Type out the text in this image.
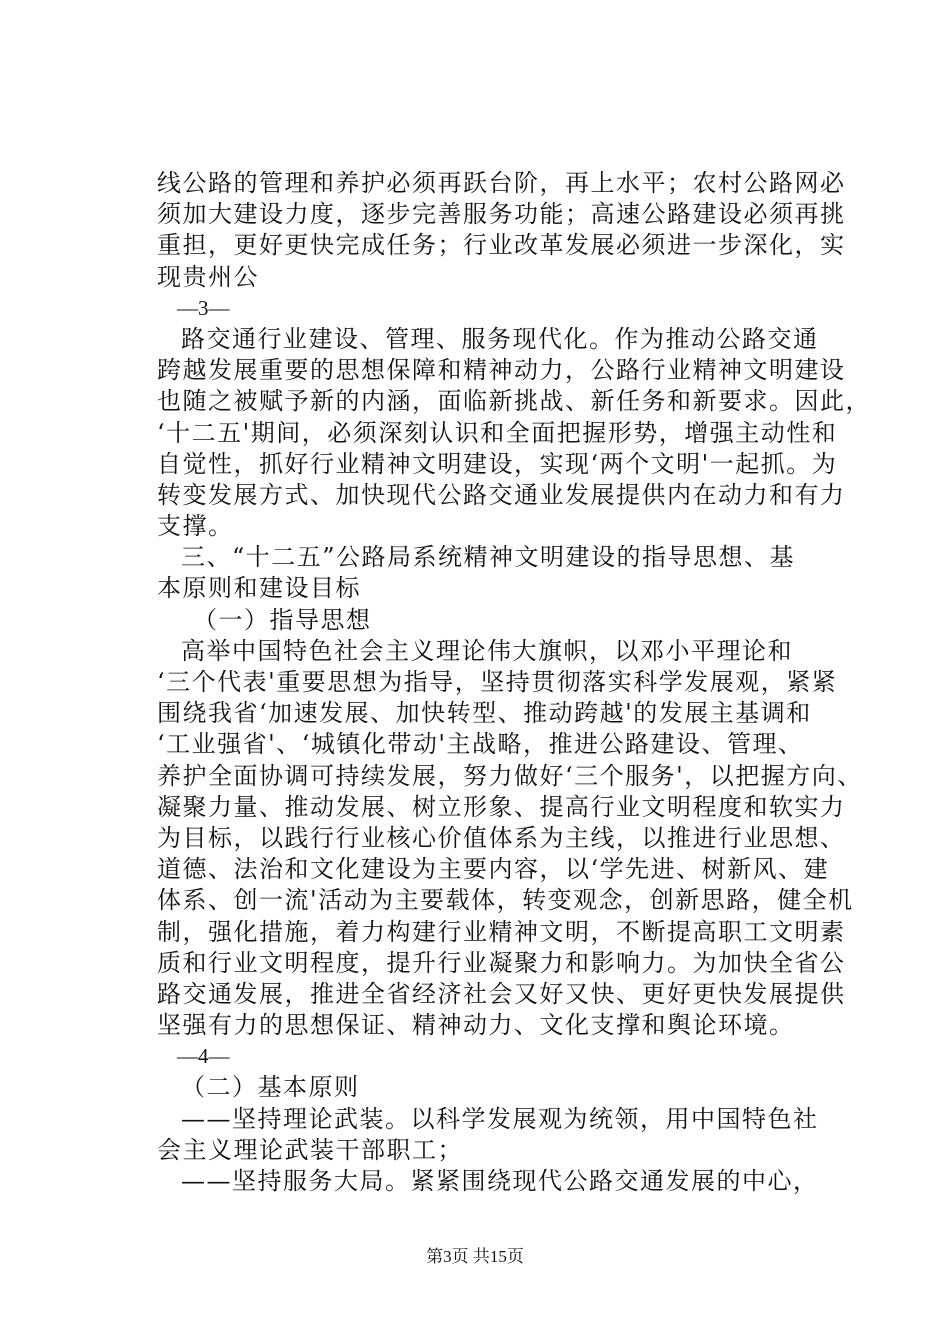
线公路的管理和养护必须再跃台阶，再上水平；农村公路网必
须加大建设力度，逐步完善服务功能；高速公路建设必须再挑
重担，更好更快完成任务；行业改革发展必须进一步深化，实
现贵州公
—3—
路交通行业建设、管理、服务现代化。作为推动公路交通
跨越发展重要的思想保障和精神动力，公路行业精神文明建设
也随之被赋予新的内涵，面临新挑战、新任务和新要求。因此，
‘十二五'期间，必须深刻认识和全面把握形势，增强主动性和
自觉性，抓好行业精神文明建设，实现‘两个文明'一起抓。为
转变发展方式、加快现代公路交通业发展提供内在动力和有力
支撑。
三、“十二五”公路局系统精神文明建设的指导思想、基
本原则和建设目标
（一）指导思想
高举中国特色社会主义理论伟大旗帜，以邓小平理论和
‘三个代表'重要思想为指导，坚持贯彻落实科学发展观，紧紧
围绕我省‘加速发展、加快转型、推动跨越'的发展主基调和
‘工业强省'、‘城镇化带动'主战略，推进公路建设、管理、
养护全面协调可持续发展，努力做好‘三个服务'，以把握方向、
凝聚力量、推动发展、树立形象、提高行业文明程度和软实力
为目标，以践行行业核心价值体系为主线，以推进行业思想、
道德、法治和文化建设为主要内容，以‘学先进、树新风、建
体系、创一流'活动为主要载体，转变观念，创新思路，健全机
制，强化措施，着力构建行业精神文明，不断提高职工文明素
质和行业文明程度，提升行业凝聚力和影响力。为加快全省公
路交通发展，推进全省经济社会又好又快、更好更快发展提供
坚强有力的思想保证、精神动力、文化支撑和舆论环境。
—4—
（二）基本原则
——坚持理论武装。以科学发展观为统领，用中国特色社
会主义理论武装干部职工；
——坚持服务大局。紧紧围绕现代公路交通发展的中心，
第3页 共15页
